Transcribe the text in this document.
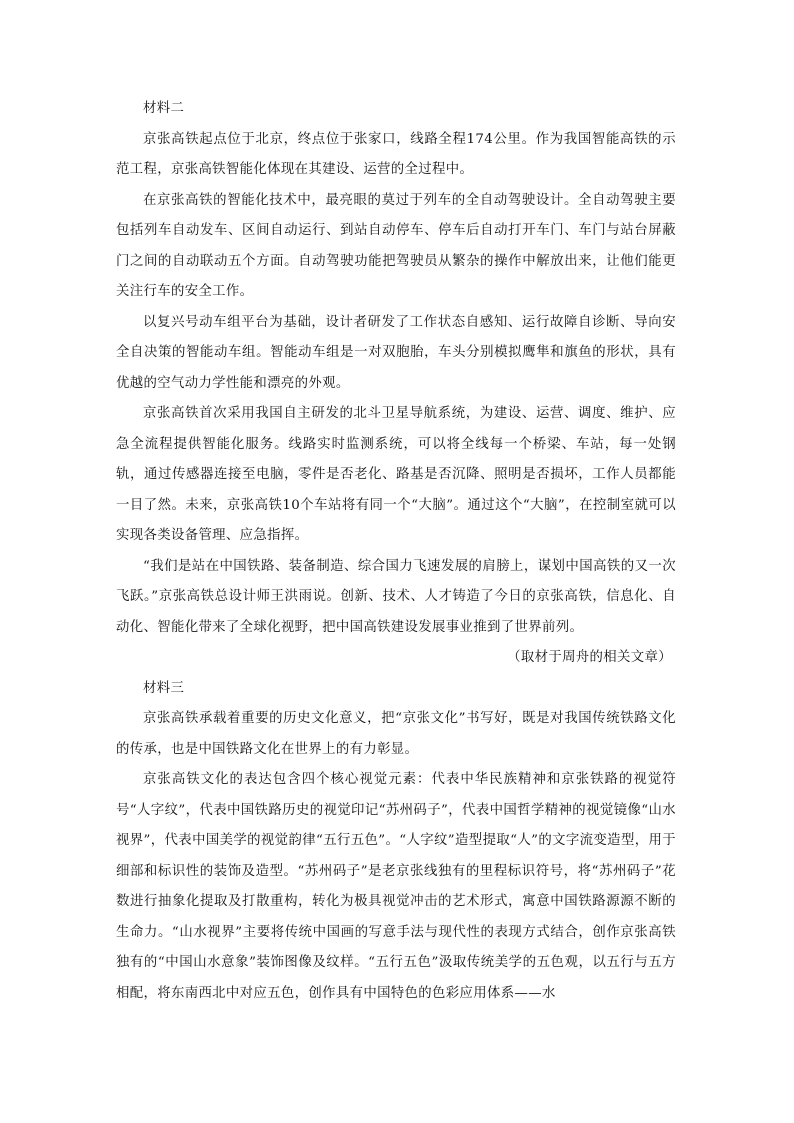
材料二

京张高铁起点位于北京，终点位于张家口，线路全程174公里。作为我国智能高铁的示范工程，京张高铁智能化体现在其建设、运营的全过程中。

在京张高铁的智能化技术中，最亮眼的莫过于列车的全自动驾驶设计。全自动驾驶主要包括列车自动发车、区间自动运行、到站自动停车、停车后自动打开车门、车门与站台屏蔽门之间的自动联动五个方面。自动驾驶功能把驾驶员从繁杂的操作中解放出来，让他们能更关注行车的安全工作。

以复兴号动车组平台为基础，设计者研发了工作状态自感知、运行故障自诊断、导向安全自决策的智能动车组。智能动车组是一对双胞胎，车头分别模拟鹰隼和旗鱼的形状，具有优越的空气动力学性能和漂亮的外观。

京张高铁首次采用我国自主研发的北斗卫星导航系统，为建设、运营、调度、维护、应急全流程提供智能化服务。线路实时监测系统，可以将全线每一个桥梁、车站，每一处钢轨，通过传感器连接至电脑，零件是否老化、路基是否沉降、照明是否损坏，工作人员都能一目了然。未来，京张高铁10个车站将有同一个“大脑”。通过这个“大脑”，在控制室就可以实现各类设备管理、应急指挥。

“我们是站在中国铁路、装备制造、综合国力飞速发展的肩膀上，谋划中国高铁的又一次飞跃。”京张高铁总设计师王洪雨说。创新、技术、人才铸造了今日的京张高铁，信息化、自动化、智能化带来了全球化视野，把中国高铁建设发展事业推到了世界前列。

（取材于周舟的相关文章）

材料三

京张高铁承载着重要的历史文化意义，把“京张文化”书写好，既是对我国传统铁路文化的传承，也是中国铁路文化在世界上的有力彰显。

京张高铁文化的表达包含四个核心视觉元素：代表中华民族精神和京张铁路的视觉符号“人字纹”，代表中国铁路历史的视觉印记“苏州码子”，代表中国哲学精神的视觉镜像“山水视界”，代表中国美学的视觉韵律“五行五色”。“人字纹”造型提取“人”的文字流变造型，用于细部和标识性的装饰及造型。“苏州码子”是老京张线独有的里程标识符号，将“苏州码子”花数进行抽象化提取及打散重构，转化为极具视觉冲击的艺术形式，寓意中国铁路源源不断的生命力。“山水视界”主要将传统中国画的写意手法与现代性的表现方式结合，创作京张高铁独有的“中国山水意象”装饰图像及纹样。“五行五色”汲取传统美学的五色观，以五行与五方相配，将东南西北中对应五色，创作具有中国特色的色彩应用体系——水
